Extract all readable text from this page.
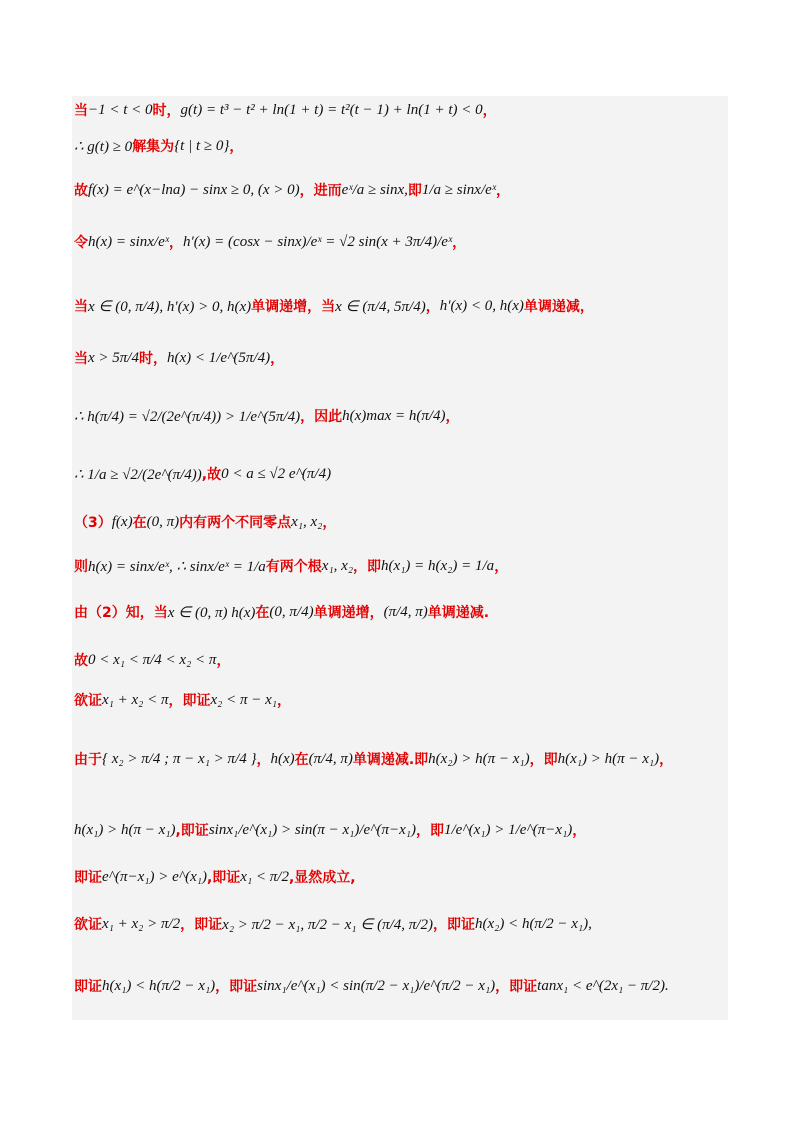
当 −1 < t < 0 时， g(t) = t³ − t² + ln(1 + t) = t²(t − 1) + ln(1 + t) < 0 ，
∴ g(t) ≥ 0 解集为 {t | t ≥ 0} ，
故 f(x) = e^(x−lna) − sinx ≥ 0, (x > 0) ，进而 eˣ/a ≥ sinx, 即 1/a ≥ sinx/eˣ ，
令 h(x) = sinx/eˣ ， h′(x) = (cosx − sinx)/eˣ = √2 sin(x + 3π/4)/eˣ ，
当 x ∈ (0, π/4), h′(x) > 0, h(x) 单调递增，当 x ∈ (π/4, 5π/4) ， h′(x) < 0, h(x) 单调递减，
当 x > 5π/4 时， h(x) < 1/e^(5π/4) ，
∴ h(π/4) = √2/(2e^(π/4)) > 1/e^(5π/4) ，因此 h(x)max = h(π/4) ，
∴ 1/a ≥ √2/(2e^(π/4)) ,故 0 < a ≤ √2 e^(π/4)
（3） f(x) 在 (0, π) 内有两个不同零点 x₁, x₂ ，
则 h(x) = sinx/eˣ, ∴ sinx/eˣ = 1/a 有两个根 x₁, x₂ ，即 h(x₁) = h(x₂) = 1/a ，
由（2）知，当 x ∈ (0, π) h(x) 在 (0, π/4) 单调递增， (π/4, π) 单调递减.
故 0 < x₁ < π/4 < x₂ < π ，
欲证 x₁ + x₂ < π ，即证 x₂ < π − x₁ ，
由于 { x₂ > π/4 ; π − x₁ > π/4 } ， h(x) 在 (π/4, π) 单调递减.即 h(x₂) > h(π − x₁) ，即 h(x₁) > h(π − x₁) ，
h(x₁) > h(π − x₁) ,即证 sinx₁/e^(x₁) > sin(π − x₁)/e^(π−x₁) ，即 1/e^(x₁) > 1/e^(π−x₁) ，
即证 e^(π−x₁) > e^(x₁) ,即证 x₁ < π/2 ,显然成立,
欲证 x₁ + x₂ > π/2 ，即证 x₂ > π/2 − x₁, π/2 − x₁ ∈ (π/4, π/2) ，即证 h(x₂) < h(π/2 − x₁) ,
即证 h(x₁) < h(π/2 − x₁) ，即证 sinx₁/e^(x₁) < sin(π/2 − x₁)/e^(π/2 − x₁) ，即证 tanx₁ < e^(2x₁ − π/2) .
